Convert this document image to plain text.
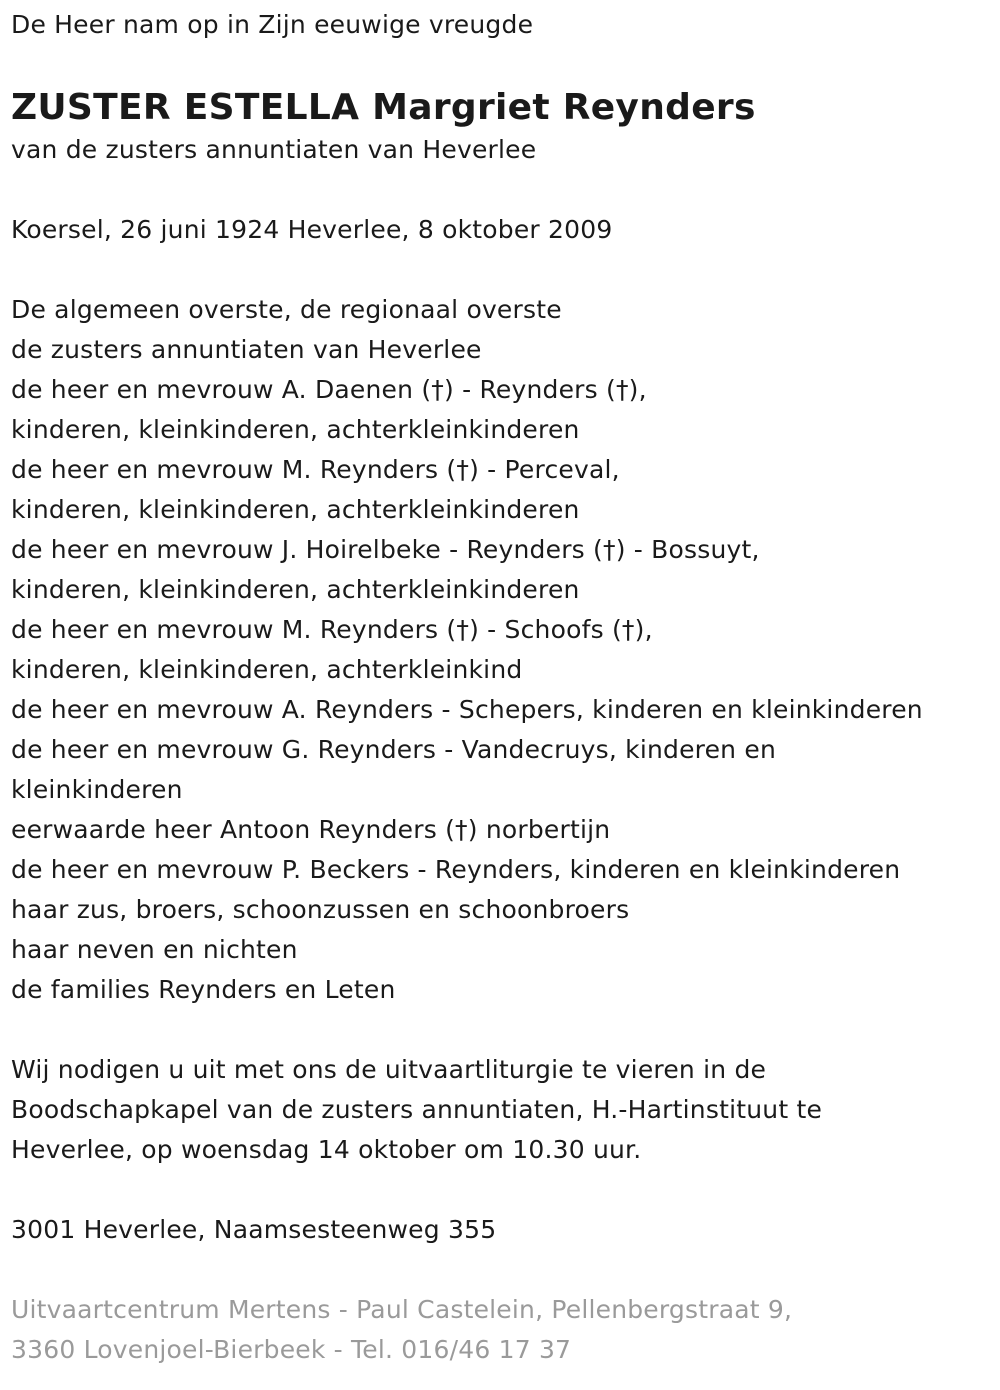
De Heer nam op in Zijn eeuwige vreugde
ZUSTER ESTELLA Margriet Reynders
van de zusters annuntiaten van Heverlee
Koersel, 26 juni 1924 Heverlee, 8 oktober 2009
De algemeen overste, de regionaal overste
de zusters annuntiaten van Heverlee
de heer en mevrouw A. Daenen (†) - Reynders (†),
kinderen, kleinkinderen, achterkleinkinderen
de heer en mevrouw M. Reynders (†) - Perceval,
kinderen, kleinkinderen, achterkleinkinderen
de heer en mevrouw J. Hoirelbeke - Reynders (†) - Bossuyt,
kinderen, kleinkinderen, achterkleinkinderen
de heer en mevrouw M. Reynders (†) - Schoofs (†),
kinderen, kleinkinderen, achterkleinkind
de heer en mevrouw A. Reynders - Schepers, kinderen en kleinkinderen
de heer en mevrouw G. Reynders - Vandecruys, kinderen en
kleinkinderen
eerwaarde heer Antoon Reynders (†) norbertijn
de heer en mevrouw P. Beckers - Reynders, kinderen en kleinkinderen
haar zus, broers, schoonzussen en schoonbroers
haar neven en nichten
de families Reynders en Leten
Wij nodigen u uit met ons de uitvaartliturgie te vieren in de
Boodschapkapel van de zusters annuntiaten, H.-Hartinstituut te
Heverlee, op woensdag 14 oktober om 10.30 uur.
3001 Heverlee, Naamsesteenweg 355
Uitvaartcentrum Mertens - Paul Castelein, Pellenbergstraat 9,
3360 Lovenjoel-Bierbeek - Tel. 016/46 17 37
